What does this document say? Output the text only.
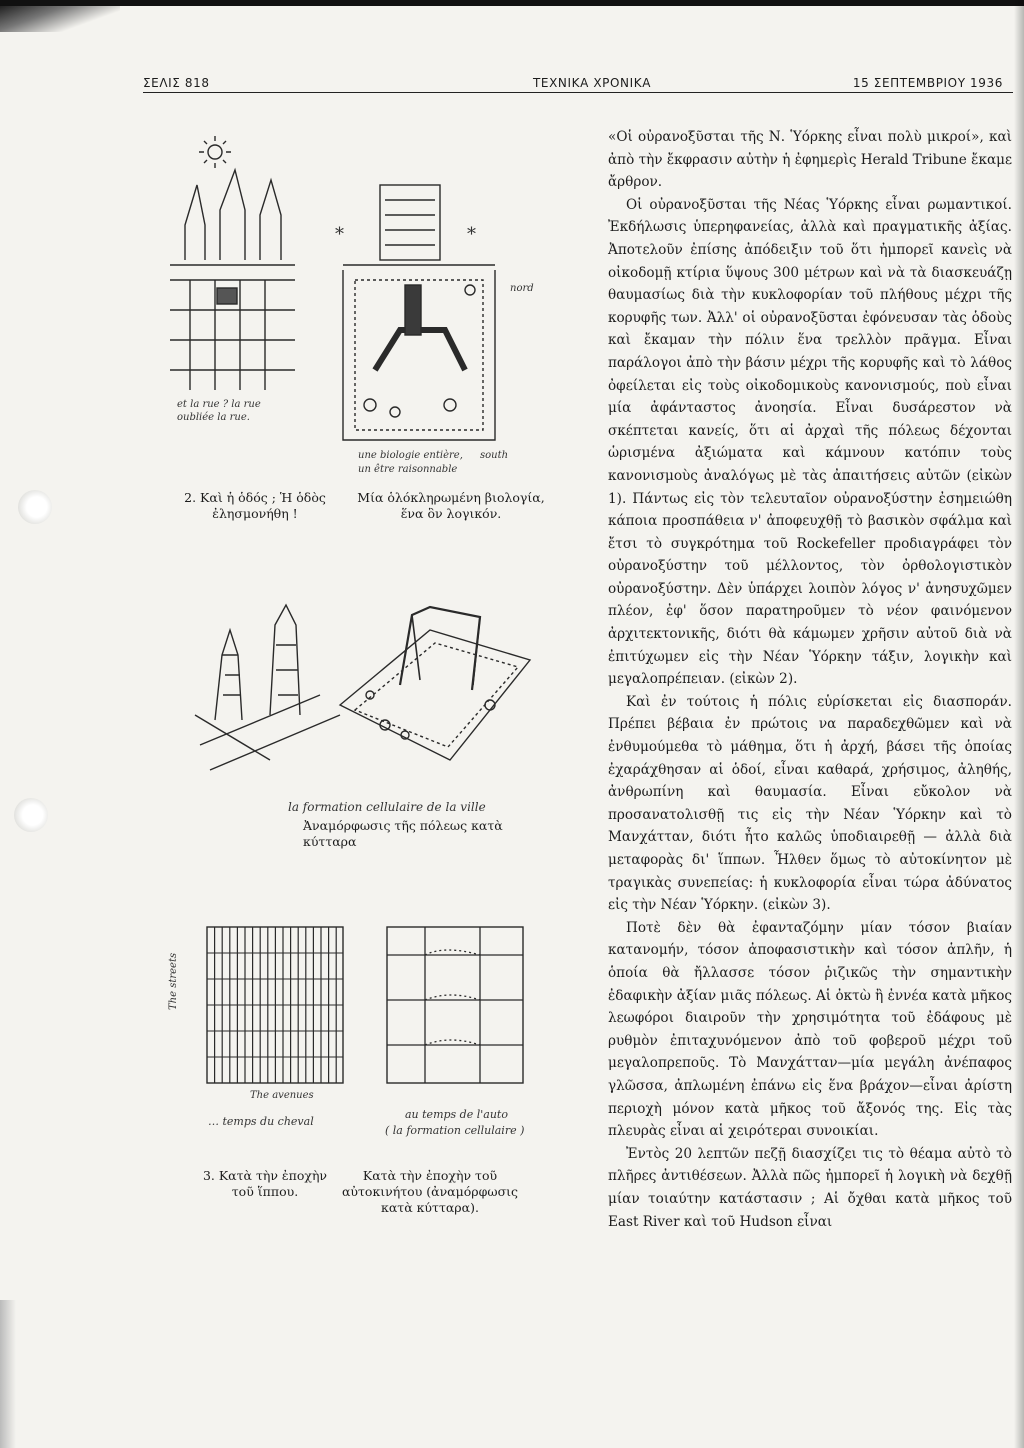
ΣΕΛΙΣ 818	ΤΕΧΝΙΚΑ ΧΡΟΝΙΚΑ	15 ΣΕΠΤΕΜΒΡΙΟΥ 1936
*	*
et la rue ? la rue oubliée la rue.
nord
une biologie entière,
un être raisonnable
south
2. Καὶ ἡ ὁδός ; Ἡ ὁδὸς ἐλησμονήθη !
Μία ὁλόκληρωμένη βιολογία, ἕνα ὃν λογικόν.
la formation cellulaire de la ville
Ἀναμόρφωσις τῆς πόλεως κατὰ κύτταρα
The streets
The avenues
… temps du cheval
au temps de l'auto
( la formation cellulaire )
3. Κατὰ τὴν ἐποχὴν τοῦ ἵππου.
Κατὰ τὴν ἐποχὴν τοῦ αὐτοκινήτου (ἀναμόρφωσις κατὰ κύτταρα).

«Οἱ οὐρανοξῦσται τῆς Ν. Ὑόρκης εἶναι πολὺ μικροί», καὶ ἀπὸ τὴν ἔκφρασιν αὐτὴν ἡ ἐφημερὶς Herald Tribune ἔκαμε ἄρθρον.

Οἱ οὐρανοξῦσται τῆς Νέας Ὑόρκης εἶναι ρωμαντικοί. Ἐκδήλωσις ὑπερηφανείας, ἀλλὰ καὶ πραγματικῆς ἀξίας. Ἀποτελοῦν ἐπίσης ἀπόδειξιν τοῦ ὅτι ἠμπορεῖ κανεὶς νὰ οἰκοδομῇ κτίρια ὕψους 300 μέτρων καὶ νὰ τὰ διασκευάζῃ θαυμασίως διὰ τὴν κυκλοφορίαν τοῦ πλήθους μέχρι τῆς κορυφῆς των. Ἀλλ' οἱ οὐρανοξῦσται ἐφόνευσαν τὰς ὁδοὺς καὶ ἔκαμαν τὴν πόλιν ἕνα τρελλὸν πρᾶγμα. Εἶναι παράλογοι ἀπὸ τὴν βάσιν μέχρι τῆς κορυφῆς καὶ τὸ λάθος ὀφείλεται εἰς τοὺς οἰκοδομικοὺς κανονισμούς, ποὺ εἶναι μία ἀφάνταστος ἀνοησία. Εἶναι δυσάρεστον νὰ σκέπτεται κανείς, ὅτι αἱ ἀρχαὶ τῆς πόλεως δέχονται ὡρισμένα ἀξιώματα καὶ κάμνουν κατόπιν τοὺς κανονισμοὺς ἀναλόγως μὲ τὰς ἀπαιτήσεις αὐτῶν (εἰκὼν 1). Πάντως εἰς τὸν τελευταῖον οὐρανοξύστην ἐσημειώθη κάποια προσπάθεια ν' ἀποφευχθῇ τὸ βασικὸν σφάλμα καὶ ἔτσι τὸ συγκρότημα τοῦ Rockefeller προδιαγράφει τὸν οὐρανοξύστην τοῦ μέλλοντος, τὸν ὀρθολογιστικὸν οὐρανοξύστην. Δὲν ὑπάρχει λοιπὸν λόγος ν' ἀνησυχῶμεν πλέον, ἐφ' ὅσον παρατηροῦμεν τὸ νέον φαινόμενον ἀρχιτεκτονικῆς, διότι θὰ κάμωμεν χρῆσιν αὐτοῦ διὰ νὰ ἐπιτύχωμεν εἰς τὴν Νέαν Ὑόρκην τάξιν, λογικὴν καὶ μεγαλοπρέπειαν. (εἰκὼν 2).

Καὶ ἐν τούτοις ἡ πόλις εὑρίσκεται εἰς διασποράν. Πρέπει βέβαια ἐν πρώτοις να παραδεχθῶμεν καὶ νὰ ἐνθυμούμεθα τὸ μάθημα, ὅτι ἡ ἀρχή, βάσει τῆς ὁποίας ἐχαράχθησαν αἱ ὁδοί, εἶναι καθαρά, χρήσιμος, ἀληθής, ἀνθρωπίνη καὶ θαυμασία. Εἶναι εὔκολον νὰ προσανατολισθῇ τις εἰς τὴν Νέαν Ὑόρκην καὶ τὸ Μανχάτταν, διότι ἦτο καλῶς ὑποδιαιρεθῇ — ἀλλὰ διὰ μεταφορὰς δι' ἵππων. Ἦλθεν ὅμως τὸ αὐτοκίνητον μὲ τραγικὰς συνεπείας: ἡ κυκλοφορία εἶναι τώρα ἀδύνατος εἰς τὴν Νέαν Ὑόρκην. (εἰκὼν 3).

Ποτὲ δὲν θὰ ἐφανταζόμην μίαν τόσον βιαίαν κατανομήν, τόσον ἀποφασιστικὴν καὶ τόσον ἁπλῆν, ἡ ὁποία θὰ ἤλλασσε τόσον ῥιζικῶς τὴν σημαντικὴν ἐδαφικὴν ἀξίαν μιᾶς πόλεως. Αἱ ὀκτὼ ἢ ἐννέα κατὰ μῆκος λεωφόροι διαιροῦν τὴν χρησιμότητα τοῦ ἐδάφους μὲ ρυθμὸν ἐπιταχυνόμενον ἀπὸ τοῦ φοβεροῦ μέχρι τοῦ μεγαλοπρεποῦς. Τὸ Μανχάτταν—μία μεγάλη ἀνέπαφος γλῶσσα, ἀπλωμένη ἐπάνω εἰς ἕνα βράχον—εἶναι ἀρίστη περιοχὴ μόνον κατὰ μῆκος τοῦ ἄξονός της. Εἰς τὰς πλευρὰς εἶναι αἱ χειρότεραι συνοικίαι.

Ἐντὸς 20 λεπτῶν πεζῇ διασχίζει τις τὸ θέαμα αὐτὸ τὸ πλῆρες ἀντιθέσεων. Ἀλλὰ πῶς ἠμπορεῖ ἡ λογικὴ νὰ δεχθῇ μίαν τοιαύτην κατάστασιν ; Αἱ ὄχθαι κατὰ μῆκος τοῦ East River καὶ τοῦ Hudson εἶναι
